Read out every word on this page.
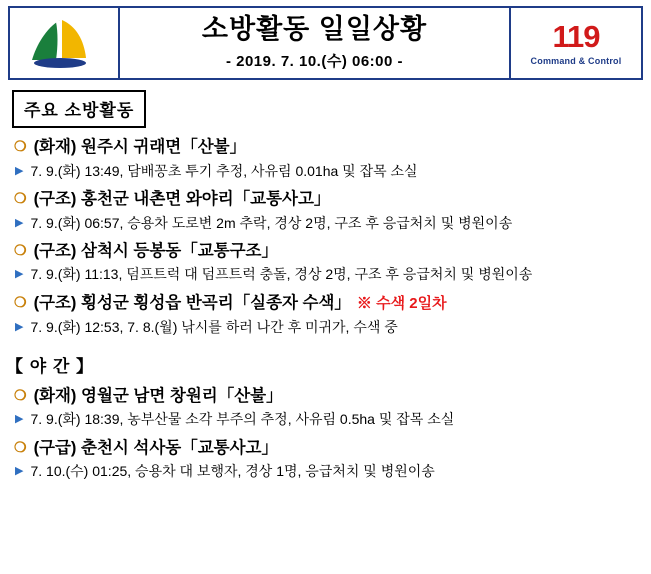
소방활동 일일상황
- 2019. 7. 10.(수) 06:00 -
119
Command & Control
주요 소방활동
❍ (화재) 원주시 귀래면「산불」
▶ 7. 9.(화) 13:49, 담배꽁초 투기 추정, 사유림 0.01ha 및 잡목 소실
❍ (구조) 홍천군 내촌면 와야리「교통사고」
▶ 7. 9.(화) 06:57, 승용차 도로변 2m 추락, 경상 2명, 구조 후 응급처치 및 병원이송
❍ (구조) 삼척시 등봉동「교통구조」
▶ 7. 9.(화) 11:13, 덤프트럭 대 덤프트럭 충돌, 경상 2명, 구조 후 응급처치 및 병원이송
❍ (구조) 횡성군 횡성읍 반곡리「실종자 수색」 ※ 수색 2일차
▶ 7. 9.(화) 12:53, 7. 8.(월) 낚시를 하러 나간 후 미귀가, 수색 중
【 야 간 】
❍ (화재) 영월군 남면 창원리「산불」
▶ 7. 9.(화) 18:39, 농부산물 소각 부주의 추정, 사유림 0.5ha 및 잡목 소실
❍ (구급) 춘천시 석사동「교통사고」
▶ 7. 10.(수) 01:25, 승용차 대 보행자, 경상 1명, 응급처치 및 병원이송
